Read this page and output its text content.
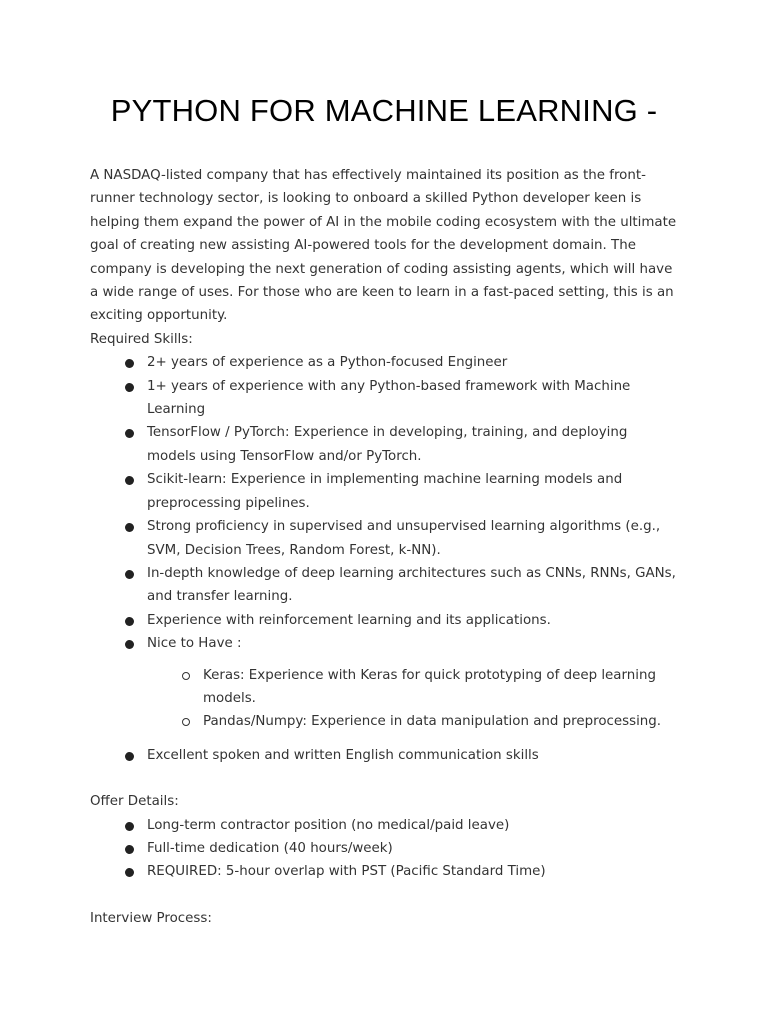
PYTHON FOR MACHINE LEARNING -

A NASDAQ-listed company that has effectively maintained its position as the front-runner technology sector, is looking to onboard a skilled Python developer keen is helping them expand the power of AI in the mobile coding ecosystem with the ultimate goal of creating new assisting AI-powered tools for the development domain. The company is developing the next generation of coding assisting agents, which will have a wide range of uses. For those who are keen to learn in a fast-paced setting, this is an exciting opportunity.

Required Skills:

2+ years of experience as a Python-focused Engineer
1+ years of experience with any Python-based framework with Machine Learning
TensorFlow / PyTorch: Experience in developing, training, and deploying models using TensorFlow and/or PyTorch.
Scikit-learn: Experience in implementing machine learning models and preprocessing pipelines.
Strong proficiency in supervised and unsupervised learning algorithms (e.g., SVM, Decision Trees, Random Forest, k-NN).
In-depth knowledge of deep learning architectures such as CNNs, RNNs, GANs, and transfer learning.
Experience with reinforcement learning and its applications.
Nice to Have :
Keras: Experience with Keras for quick prototyping of deep learning models.
Pandas/Numpy: Experience in data manipulation and preprocessing.
Excellent spoken and written English communication skills

Offer Details:

Long-term contractor position (no medical/paid leave)
Full-time dedication (40 hours/week)
REQUIRED: 5-hour overlap with PST (Pacific Standard Time)

Interview Process:
